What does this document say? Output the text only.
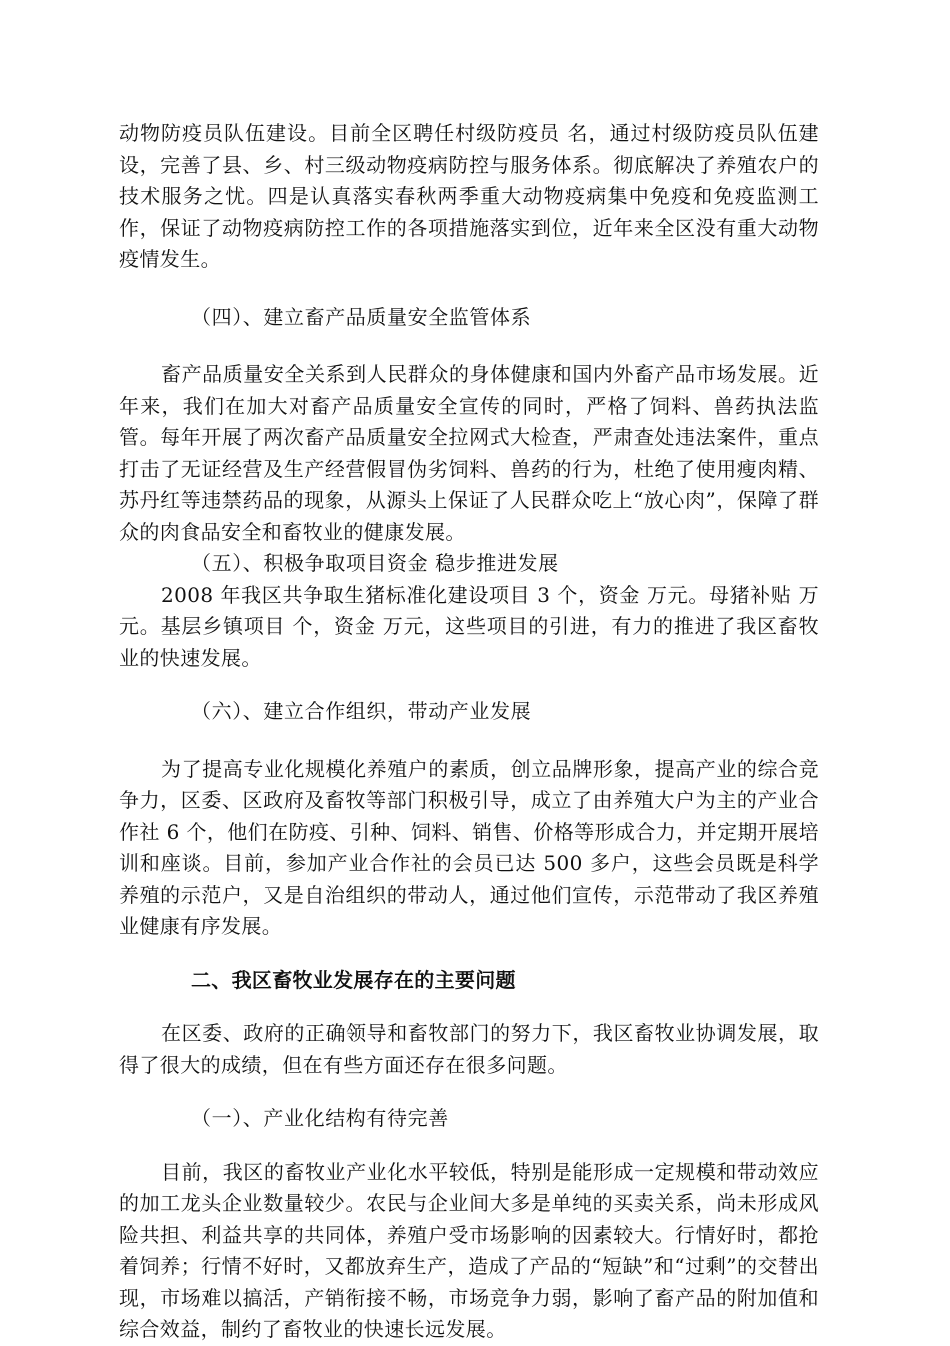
动物防疫员队伍建设。目前全区聘任村级防疫员 名，通过村级防疫员队伍建设，完善了县、乡、村三级动物疫病防控与服务体系。彻底解决了养殖农户的技术服务之忧。四是认真落实春秋两季重大动物疫病集中免疫和免疫监测工作，保证了动物疫病防控工作的各项措施落实到位，近年来全区没有重大动物疫情发生。

（四）、建立畜产品质量安全监管体系

畜产品质量安全关系到人民群众的身体健康和国内外畜产品市场发展。近年来，我们在加大对畜产品质量安全宣传的同时，严格了饲料、兽药执法监管。每年开展了两次畜产品质量安全拉网式大检查，严肃查处违法案件，重点打击了无证经营及生产经营假冒伪劣饲料、兽药的行为，杜绝了使用瘦肉精、苏丹红等违禁药品的现象，从源头上保证了人民群众吃上“放心肉”，保障了群众的肉食品安全和畜牧业的健康发展。

（五）、积极争取项目资金 稳步推进发展

2008 年我区共争取生猪标准化建设项目 3 个，资金 万元。母猪补贴 万元。基层乡镇项目 个，资金 万元，这些项目的引进，有力的推进了我区畜牧业的快速发展。

（六）、建立合作组织，带动产业发展

为了提高专业化规模化养殖户的素质，创立品牌形象，提高产业的综合竞争力，区委、区政府及畜牧等部门积极引导，成立了由养殖大户为主的产业合作社 6 个，他们在防疫、引种、饲料、销售、价格等形成合力，并定期开展培训和座谈。目前，参加产业合作社的会员已达 500 多户，这些会员既是科学养殖的示范户，又是自治组织的带动人，通过他们宣传，示范带动了我区养殖业健康有序发展。

二、我区畜牧业发展存在的主要问题

在区委、政府的正确领导和畜牧部门的努力下，我区畜牧业协调发展，取得了很大的成绩，但在有些方面还存在很多问题。

（一）、产业化结构有待完善

目前，我区的畜牧业产业化水平较低，特别是能形成一定规模和带动效应的加工龙头企业数量较少。农民与企业间大多是单纯的买卖关系，尚未形成风险共担、利益共享的共同体，养殖户受市场影响的因素较大。行情好时，都抢着饲养；行情不好时，又都放弃生产，造成了产品的“短缺”和“过剩”的交替出现，市场难以搞活，产销衔接不畅，市场竞争力弱，影响了畜产品的附加值和综合效益，制约了畜牧业的快速长远发展。
